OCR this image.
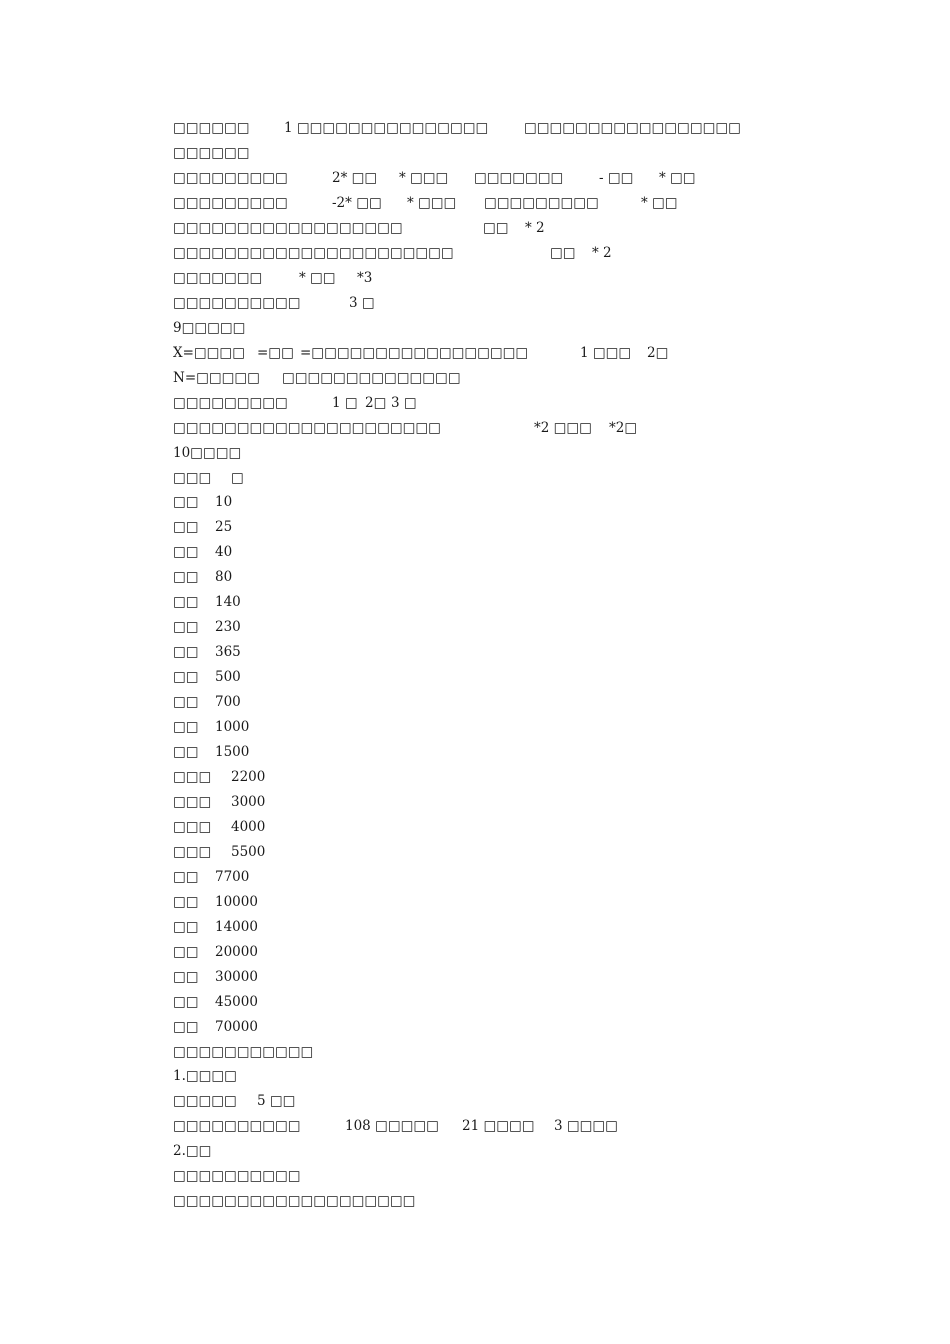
□□□□□□	1 □□□□□□□□□□□□□□□	□□□□□□□□□□□□□□□□□
□□□□□□
□□□□□□□□□	2* □□ * □□□ □□□□□□□	- □□ * □□
□□□□□□□□□	-2* □□ * □□□ □□□□□□□□□	* □□
□□□□□□□□□□□□□□□□□□	□□ * 2
□□□□□□□□□□□□□□□□□□□□□□	□□ * 2
□□□□□□□	* □□ *3
□□□□□□□□□□	3 □
9□□□□□
X=□□□□ =□□ =□□□□□□□□□□□□□□□□□	1 □□□ 2□
N=□□□□□ □□□□□□□□□□□□□□
□□□□□□□□□	1 □ 2□ 3 □
□□□□□□□□□□□□□□□□□□□□□	*2 □□□ *2□
10□□□□
□□□ □
□□ 10
□□ 25
□□ 40
□□ 80
□□ 140
□□ 230
□□ 365
□□ 500
□□ 700
□□ 1000
□□ 1500
□□□ 2200
□□□ 3000
□□□ 4000
□□□ 5500
□□ 7700
□□ 10000
□□ 14000
□□ 20000
□□ 30000
□□ 45000
□□ 70000
□□□□□□□□□□□
1.□□□□
□□□□□ 5 □□
□□□□□□□□□□	108 □□□□□ 21 □□□□ 3 □□□□
2.□□
□□□□□□□□□□
□□□□□□□□□□□□□□□□□□□
